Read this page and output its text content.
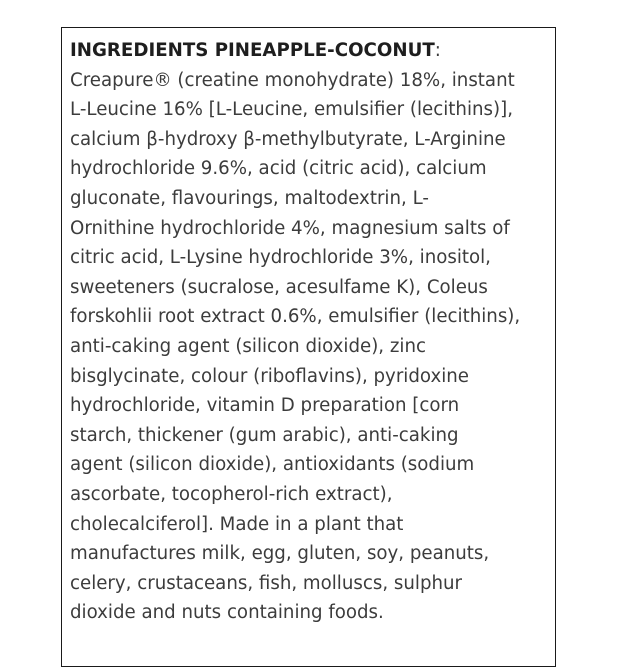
INGREDIENTS PINEAPPLE-COCONUT:
Creapure® (creatine monohydrate) 18%, instant
L-Leucine 16% [L-Leucine, emulsifier (lecithins)],
calcium β-hydroxy β-methylbutyrate, L-Arginine
hydrochloride 9.6%, acid (citric acid), calcium
gluconate, flavourings, maltodextrin, L-
Ornithine hydrochloride 4%, magnesium salts of
citric acid, L-Lysine hydrochloride 3%, inositol,
sweeteners (sucralose, acesulfame K), Coleus
forskohlii root extract 0.6%, emulsifier (lecithins),
anti-caking agent (silicon dioxide), zinc
bisglycinate, colour (riboflavins), pyridoxine
hydrochloride, vitamin D preparation [corn
starch, thickener (gum arabic), anti-caking
agent (silicon dioxide), antioxidants (sodium
ascorbate, tocopherol-rich extract),
cholecalciferol]. Made in a plant that
manufactures milk, egg, gluten, soy, peanuts,
celery, crustaceans, fish, molluscs, sulphur
dioxide and nuts containing foods.
